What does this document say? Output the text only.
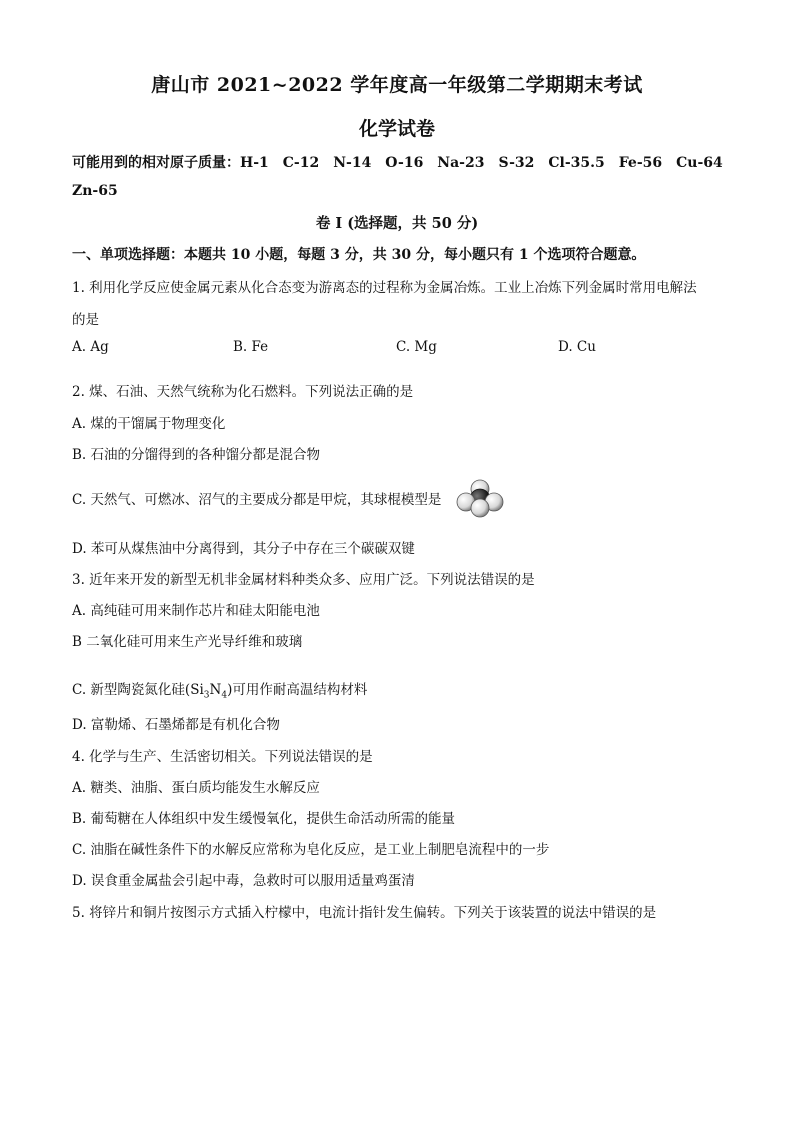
唐山市 2021~2022 学年度高一年级第二学期期末考试
化学试卷
可能用到的相对原子质量：H-1　C-12　N-14　O-16　Na-23　S-32　Cl-35.5　Fe-56　Cu-64
Zn-65
卷 I (选择题，共 50 分)
一、单项选择题：本题共 10 小题，每题 3 分，共 30 分，每小题只有 1 个选项符合题意。
1. 利用化学反应使金属元素从化合态变为游离态的过程称为金属冶炼。工业上冶炼下列金属时常用电解法
的是
A. Ag	B. Fe	C. Mg	D. Cu
2. 煤、石油、天然气统称为化石燃料。下列说法正确的是
A. 煤的干馏属于物理变化
B. 石油的分馏得到的各种馏分都是混合物
C. 天然气、可燃冰、沼气的主要成分都是甲烷，其球棍模型是
D. 苯可从煤焦油中分离得到，其分子中存在三个碳碳双键
3. 近年来开发的新型无机非金属材料种类众多、应用广泛。下列说法错误的是
A. 高纯硅可用来制作芯片和硅太阳能电池
B 二氧化硅可用来生产光导纤维和玻璃
C. 新型陶瓷氮化硅$(Si_3N_4)$可用作耐高温结构材料
D. 富勒烯、石墨烯都是有机化合物
4. 化学与生产、生活密切相关。下列说法错误的是
A. 糖类、油脂、蛋白质均能发生水解反应
B. 葡萄糖在人体组织中发生缓慢氧化，提供生命活动所需的能量
C. 油脂在碱性条件下的水解反应常称为皂化反应，是工业上制肥皂流程中的一步
D. 误食重金属盐会引起中毒，急救时可以服用适量鸡蛋清
5. 将锌片和铜片按图示方式插入柠檬中，电流计指针发生偏转。下列关于该装置的说法中错误的是
